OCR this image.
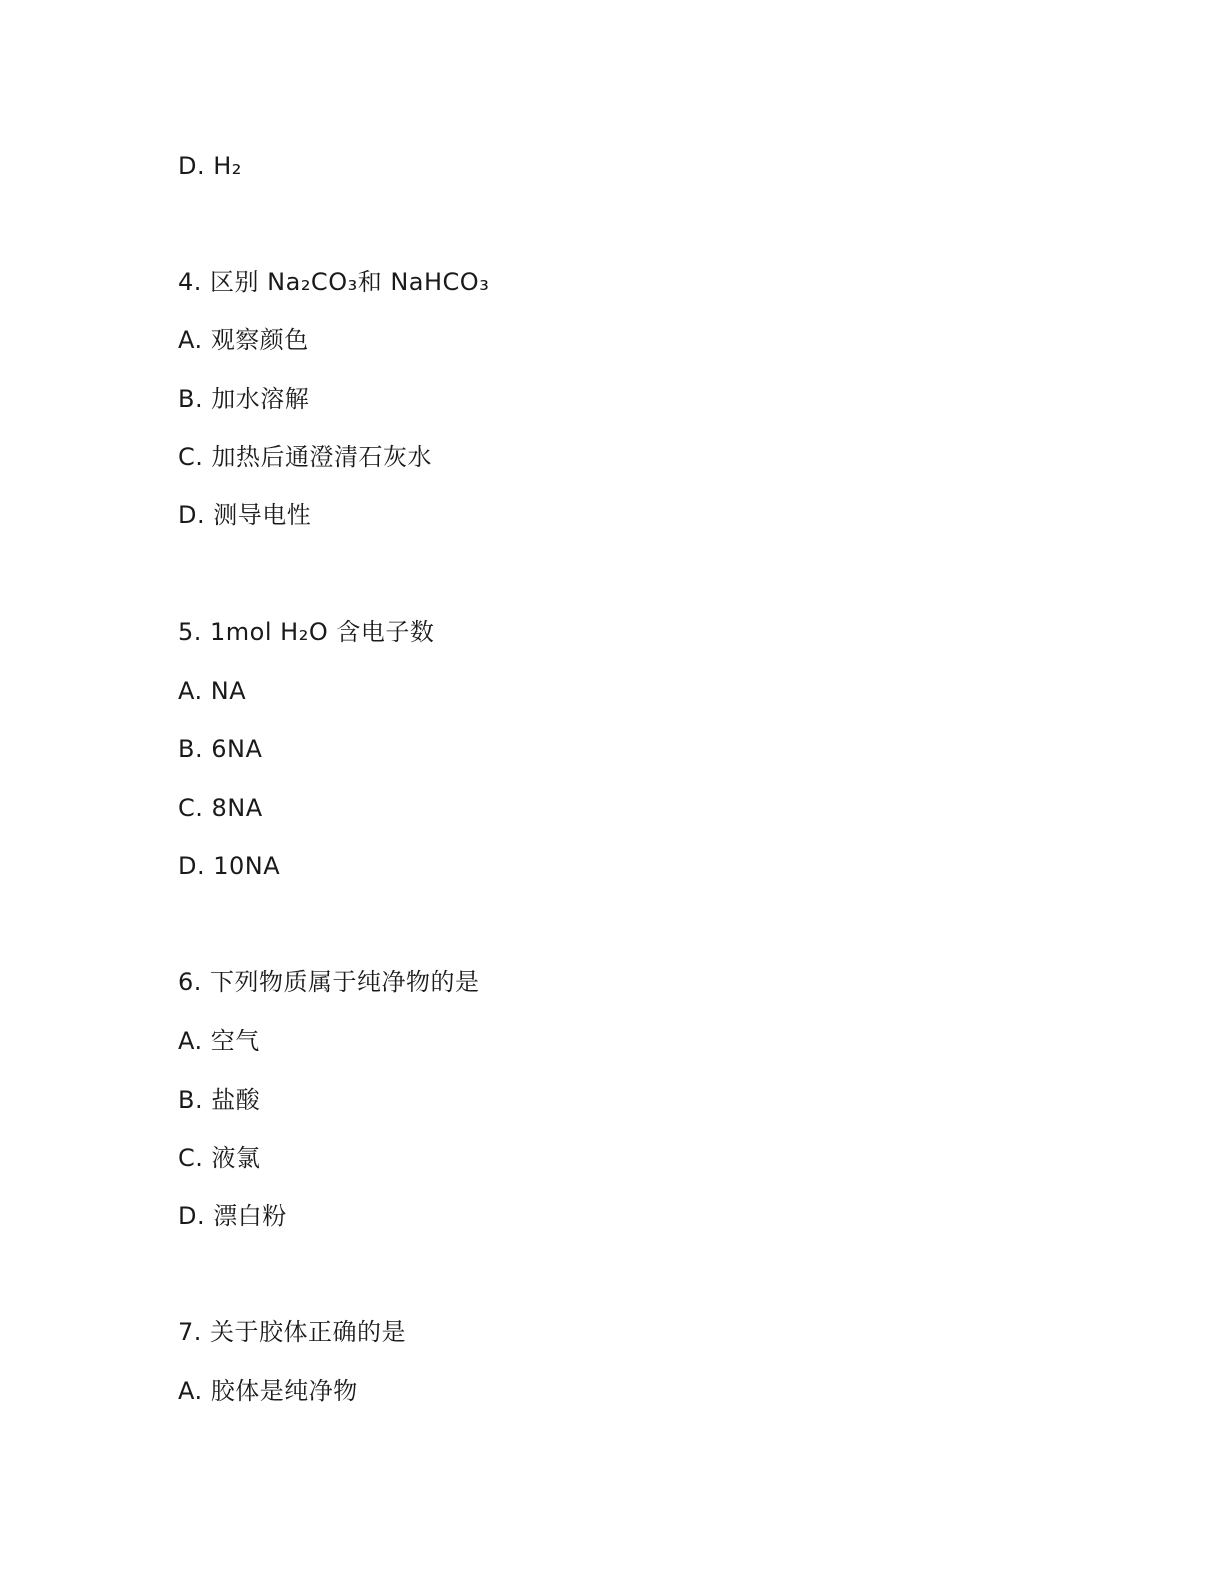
D. H₂
4. 区别 Na₂CO₃和 NaHCO₃
A. 观察颜色
B. 加水溶解
C. 加热后通澄清石灰水
D. 测导电性
5. 1mol H₂O 含电子数
A. NA
B. 6NA
C. 8NA
D. 10NA
6. 下列物质属于纯净物的是
A. 空气
B. 盐酸
C. 液氯
D. 漂白粉
7. 关于胶体正确的是
A. 胶体是纯净物
